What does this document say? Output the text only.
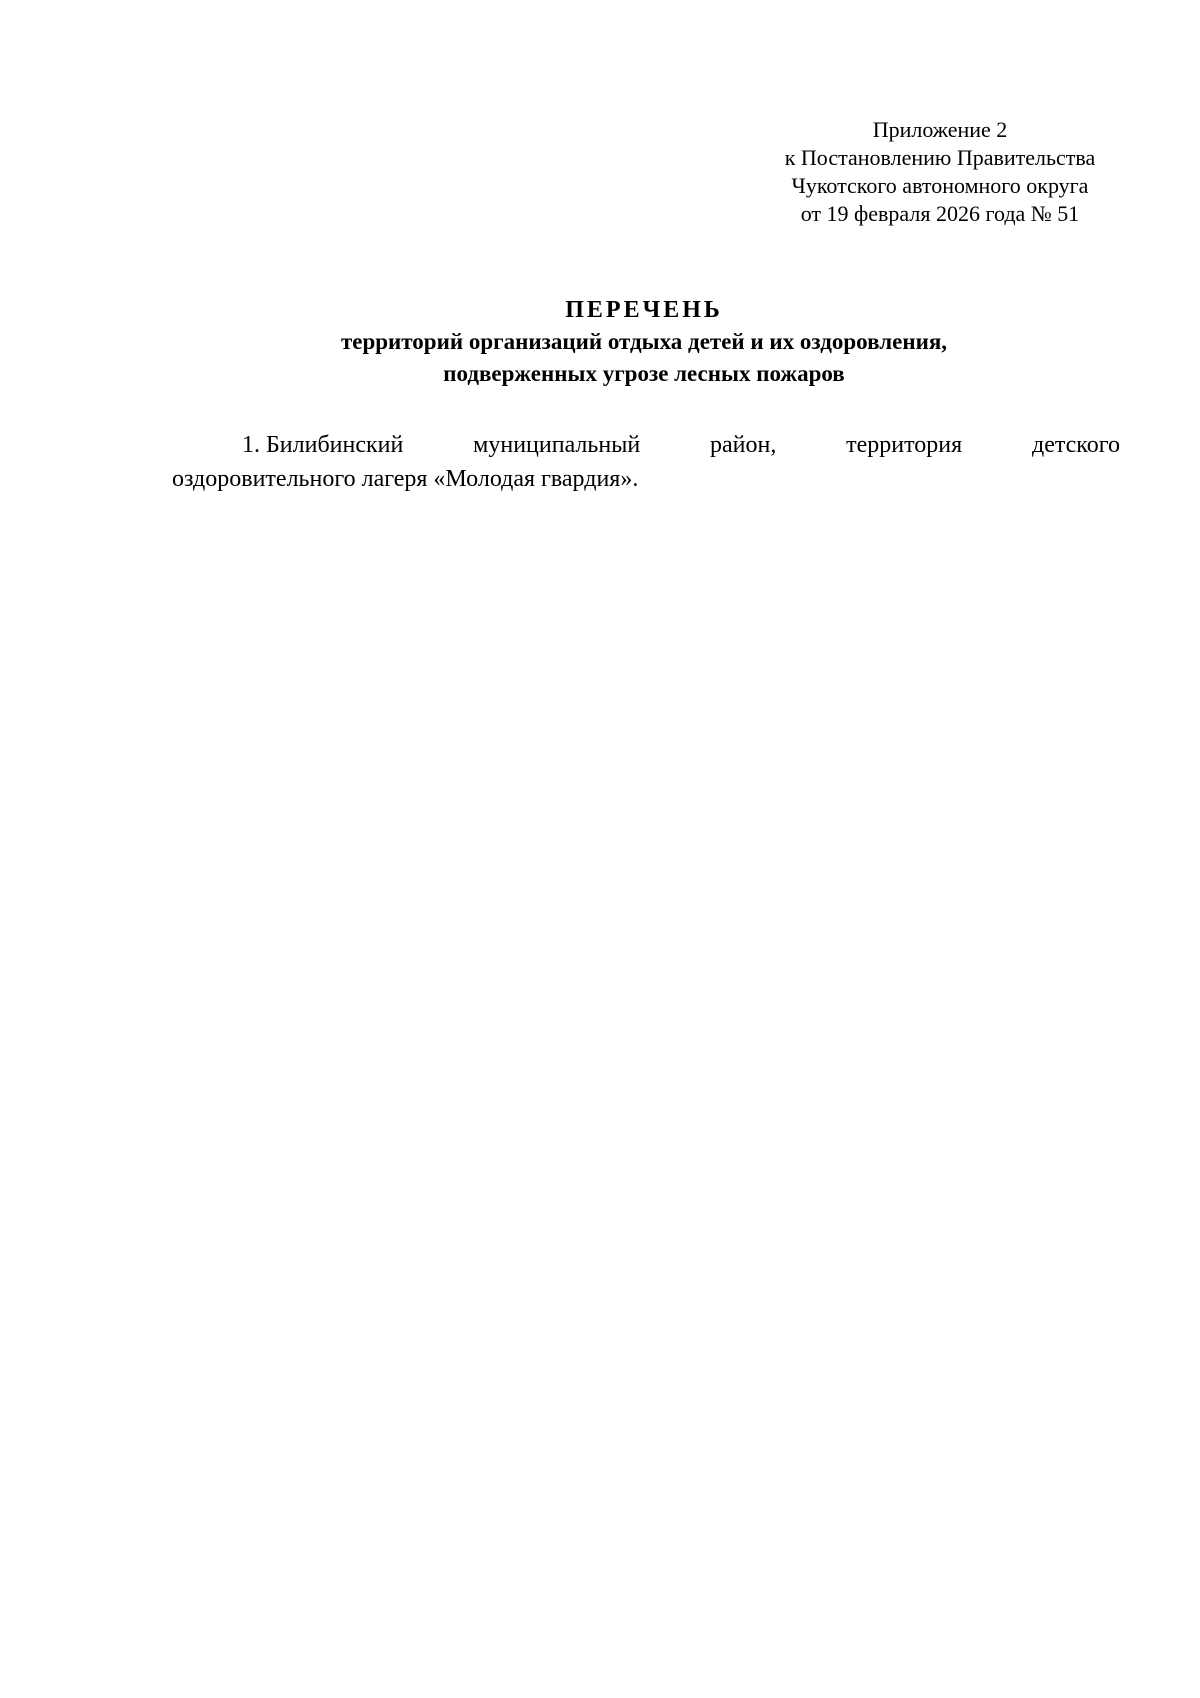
Приложение 2
к Постановлению Правительства
Чукотского автономного округа
от 19 февраля 2026 года № 51
ПЕРЕЧЕНЬ
территорий организаций отдыха детей и их оздоровления,
подверженных угрозе лесных пожаров
1. Билибинский	муниципальный	район,	территория	детского
оздоровительного лагеря «Молодая гвардия».
